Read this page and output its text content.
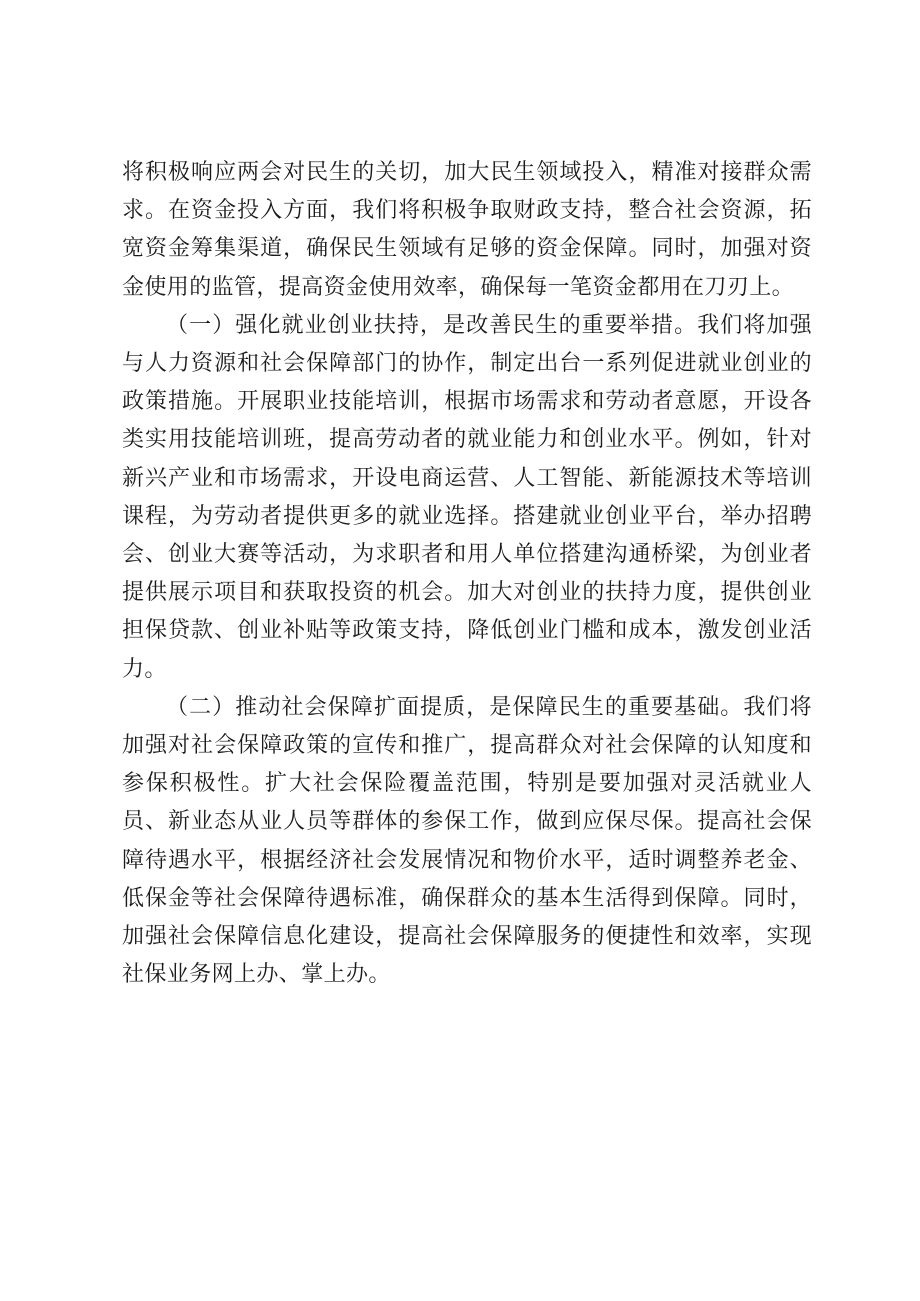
将积极响应两会对民生的关切，加大民生领域投入，精准对接群众需求。在资金投入方面，我们将积极争取财政支持，整合社会资源，拓宽资金筹集渠道，确保民生领域有足够的资金保障。同时，加强对资金使用的监管，提高资金使用效率，确保每一笔资金都用在刀刃上。

（一）强化就业创业扶持，是改善民生的重要举措。我们将加强与人力资源和社会保障部门的协作，制定出台一系列促进就业创业的政策措施。开展职业技能培训，根据市场需求和劳动者意愿，开设各类实用技能培训班，提高劳动者的就业能力和创业水平。例如，针对新兴产业和市场需求，开设电商运营、人工智能、新能源技术等培训课程，为劳动者提供更多的就业选择。搭建就业创业平台，举办招聘会、创业大赛等活动，为求职者和用人单位搭建沟通桥梁，为创业者提供展示项目和获取投资的机会。加大对创业的扶持力度，提供创业担保贷款、创业补贴等政策支持，降低创业门槛和成本，激发创业活力。

（二）推动社会保障扩面提质，是保障民生的重要基础。我们将加强对社会保障政策的宣传和推广，提高群众对社会保障的认知度和参保积极性。扩大社会保险覆盖范围，特别是要加强对灵活就业人员、新业态从业人员等群体的参保工作，做到应保尽保。提高社会保障待遇水平，根据经济社会发展情况和物价水平，适时调整养老金、低保金等社会保障待遇标准，确保群众的基本生活得到保障。同时，加强社会保障信息化建设，提高社会保障服务的便捷性和效率，实现社保业务网上办、掌上办。
